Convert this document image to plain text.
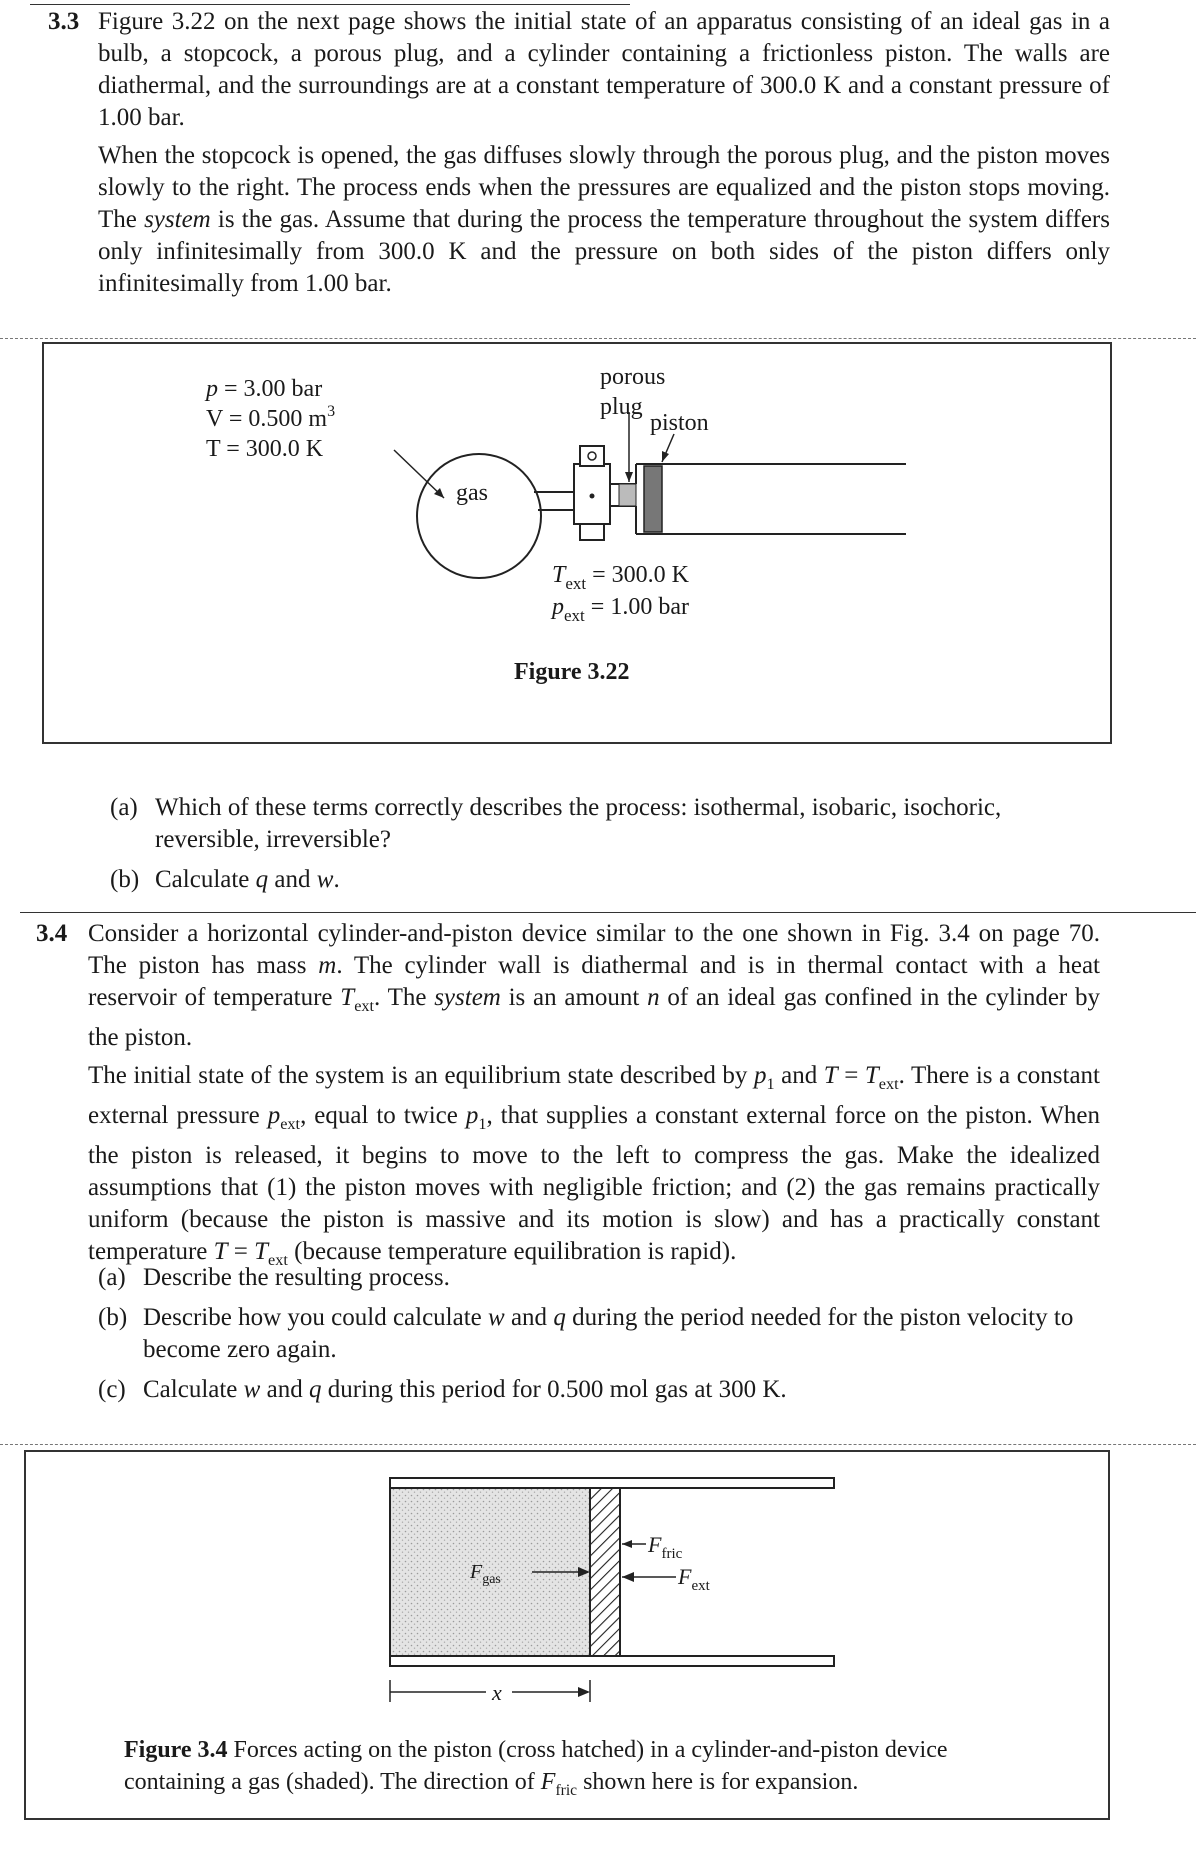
3.3 Figure 3.22 on the next page shows the initial state of an apparatus consisting of an ideal gas in a bulb, a stopcock, a porous plug, and a cylinder containing a frictionless piston. The walls are diathermal, and the surroundings are at a constant temperature of 300.0 K and a constant pressure of 1.00 bar.

When the stopcock is opened, the gas diffuses slowly through the porous plug, and the piston moves slowly to the right. The process ends when the pressures are equalized and the piston stops moving. The system is the gas. Assume that during the process the temperature throughout the system differs only infinitesimally from 300.0 K and the pressure on both sides of the piston differs only infinitesimally from 1.00 bar.

p = 3.00 bar
V = 0.500 $m^3$
T = 300.0 K
gas
porous
plug
piston
$T_{ext} = 300.0$ K
$p_{ext} = 1.00$ bar
Figure 3.22
(a) Which of these terms correctly describes the process: isothermal, isobaric, isochoric, reversible, irreversible?
(b) Calculate q and w.
3.4 Consider a horizontal cylinder-and-piston device similar to the one shown in Fig. 3.4 on page 70. The piston has mass m. The cylinder wall is diathermal and is in thermal contact with a heat reservoir of temperature $T_{ext}$. The system is an amount n of an ideal gas confined in the cylinder by the piston.

The initial state of the system is an equilibrium state described by $p_1$ and $T = T_{ext}$. There is a constant external pressure $p_{ext}$, equal to twice $p_1$, that supplies a constant external force on the piston. When the piston is released, it begins to move to the left to compress the gas. Make the idealized assumptions that (1) the piston moves with negligible friction; and (2) the gas remains practically uniform (because the piston is massive and its motion is slow) and has a practically constant temperature $T = T_{ext}$ (because temperature equilibration is rapid).

(a) Describe the resulting process.
(b) Describe how you could calculate w and q during the period needed for the piston velocity to become zero again.
(c) Calculate w and q during this period for 0.500 mol gas at 300 K.
$F_{gas}$
$F_{fric}$
$F_{ext}$
x
Figure 3.4 Forces acting on the piston (cross hatched) in a cylinder-and-piston device containing a gas (shaded). The direction of $F_{fric}$ shown here is for expansion.
